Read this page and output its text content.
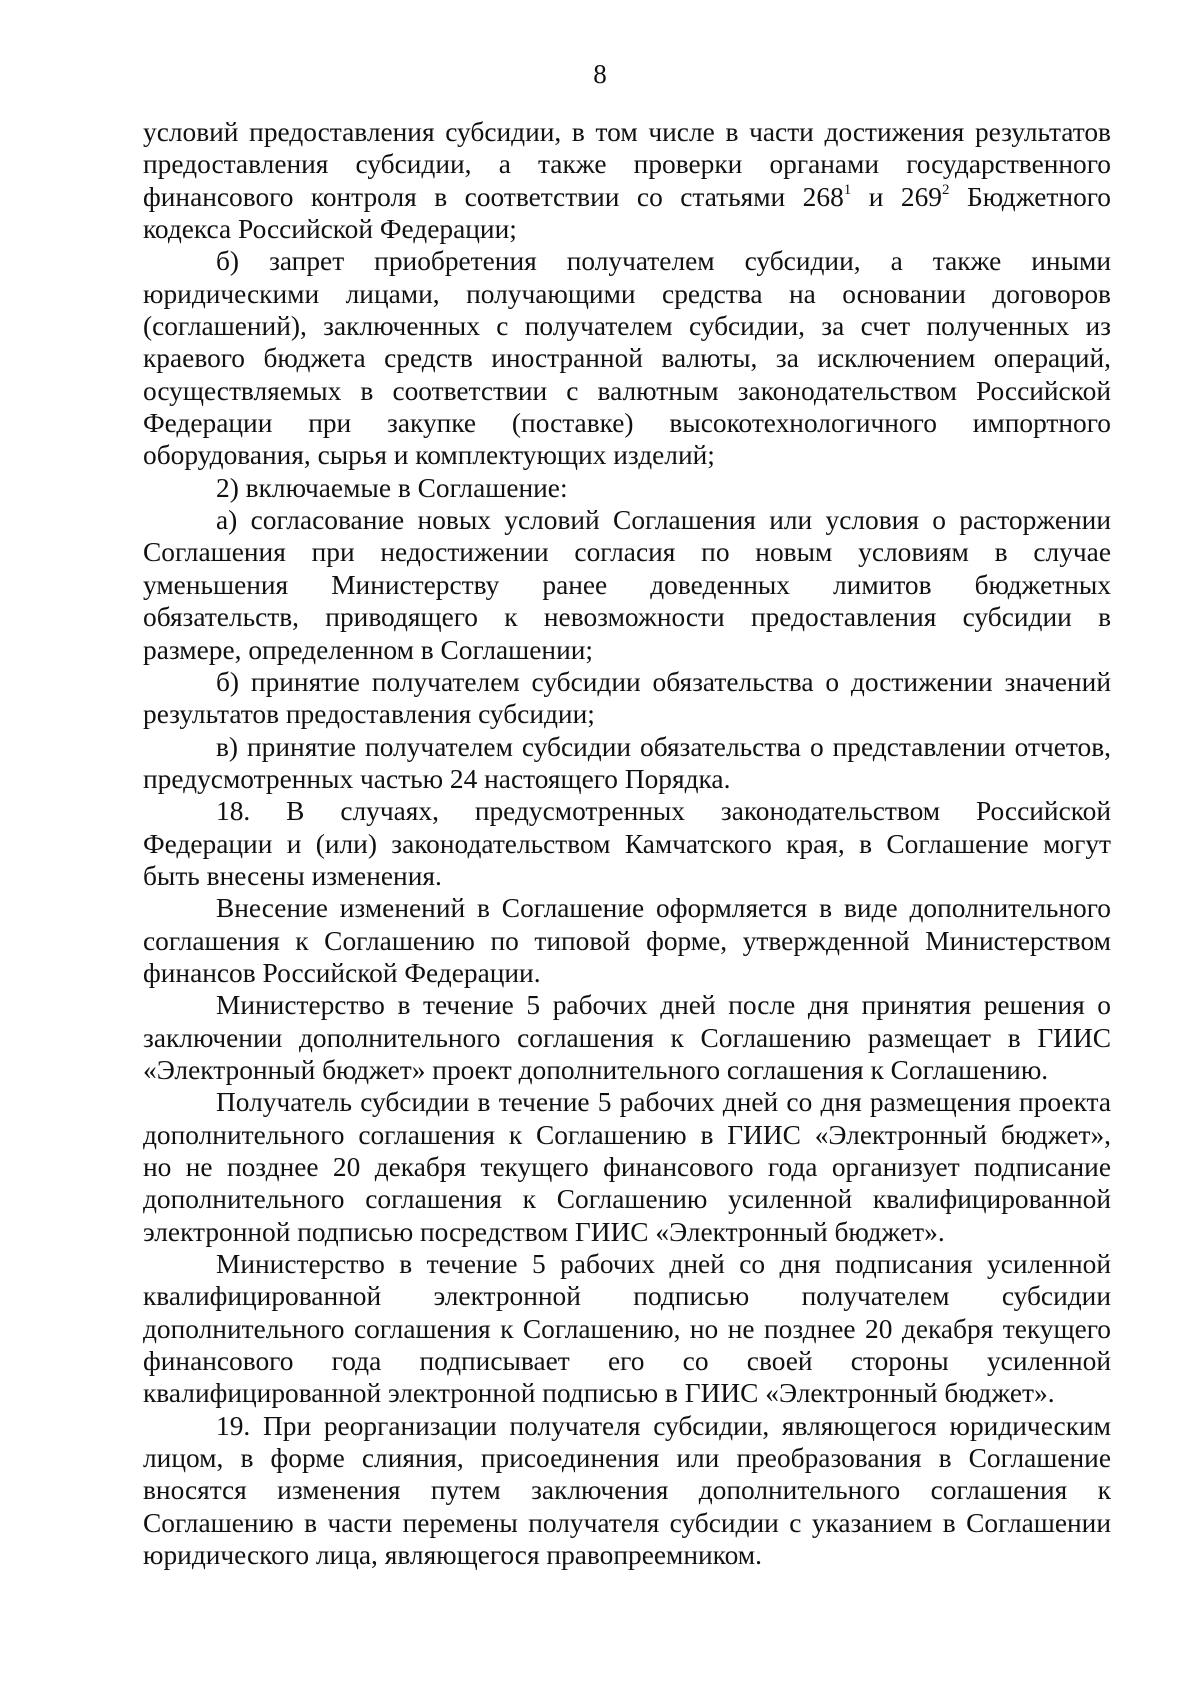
8
условий предоставления субсидии, в том числе в части достижения результатов
предоставления субсидии, а также проверки органами государственного
финансового контроля в соответствии со статьями $268^1$ и $269^2$ Бюджетного
кодекса Российской Федерации;
б) запрет приобретения получателем субсидии, а также иными
юридическими лицами, получающими средства на основании договоров
(соглашений), заключенных с получателем субсидии, за счет полученных из
краевого бюджета средств иностранной валюты, за исключением операций,
осуществляемых в соответствии с валютным законодательством Российской
Федерации при закупке (поставке) высокотехнологичного импортного
оборудования, сырья и комплектующих изделий;
2) включаемые в Соглашение:
а) согласование новых условий Соглашения или условия о расторжении
Соглашения при недостижении согласия по новым условиям в случае
уменьшения Министерству ранее доведенных лимитов бюджетных
обязательств, приводящего к невозможности предоставления субсидии в
размере, определенном в Соглашении;
б) принятие получателем субсидии обязательства о достижении значений
результатов предоставления субсидии;
в) принятие получателем субсидии обязательства о представлении отчетов,
предусмотренных частью 24 настоящего Порядка.
18. В случаях, предусмотренных законодательством Российской
Федерации и (или) законодательством Камчатского края, в Соглашение могут
быть внесены изменения.
Внесение изменений в Соглашение оформляется в виде дополнительного
соглашения к Соглашению по типовой форме, утвержденной Министерством
финансов Российской Федерации.
Министерство в течение 5 рабочих дней после дня принятия решения о
заключении дополнительного соглашения к Соглашению размещает в ГИИС
«Электронный бюджет» проект дополнительного соглашения к Соглашению.
Получатель субсидии в течение 5 рабочих дней со дня размещения проекта
дополнительного соглашения к Соглашению в ГИИС «Электронный бюджет»,
но не позднее 20 декабря текущего финансового года организует подписание
дополнительного соглашения к Соглашению усиленной квалифицированной
электронной подписью посредством ГИИС «Электронный бюджет».
Министерство в течение 5 рабочих дней со дня подписания усиленной
квалифицированной электронной подписью получателем субсидии
дополнительного соглашения к Соглашению, но не позднее 20 декабря текущего
финансового года подписывает его со своей стороны усиленной
квалифицированной электронной подписью в ГИИС «Электронный бюджет».
19. При реорганизации получателя субсидии, являющегося юридическим
лицом, в форме слияния, присоединения или преобразования в Соглашение
вносятся изменения путем заключения дополнительного соглашения к
Соглашению в части перемены получателя субсидии с указанием в Соглашении
юридического лица, являющегося правопреемником.
